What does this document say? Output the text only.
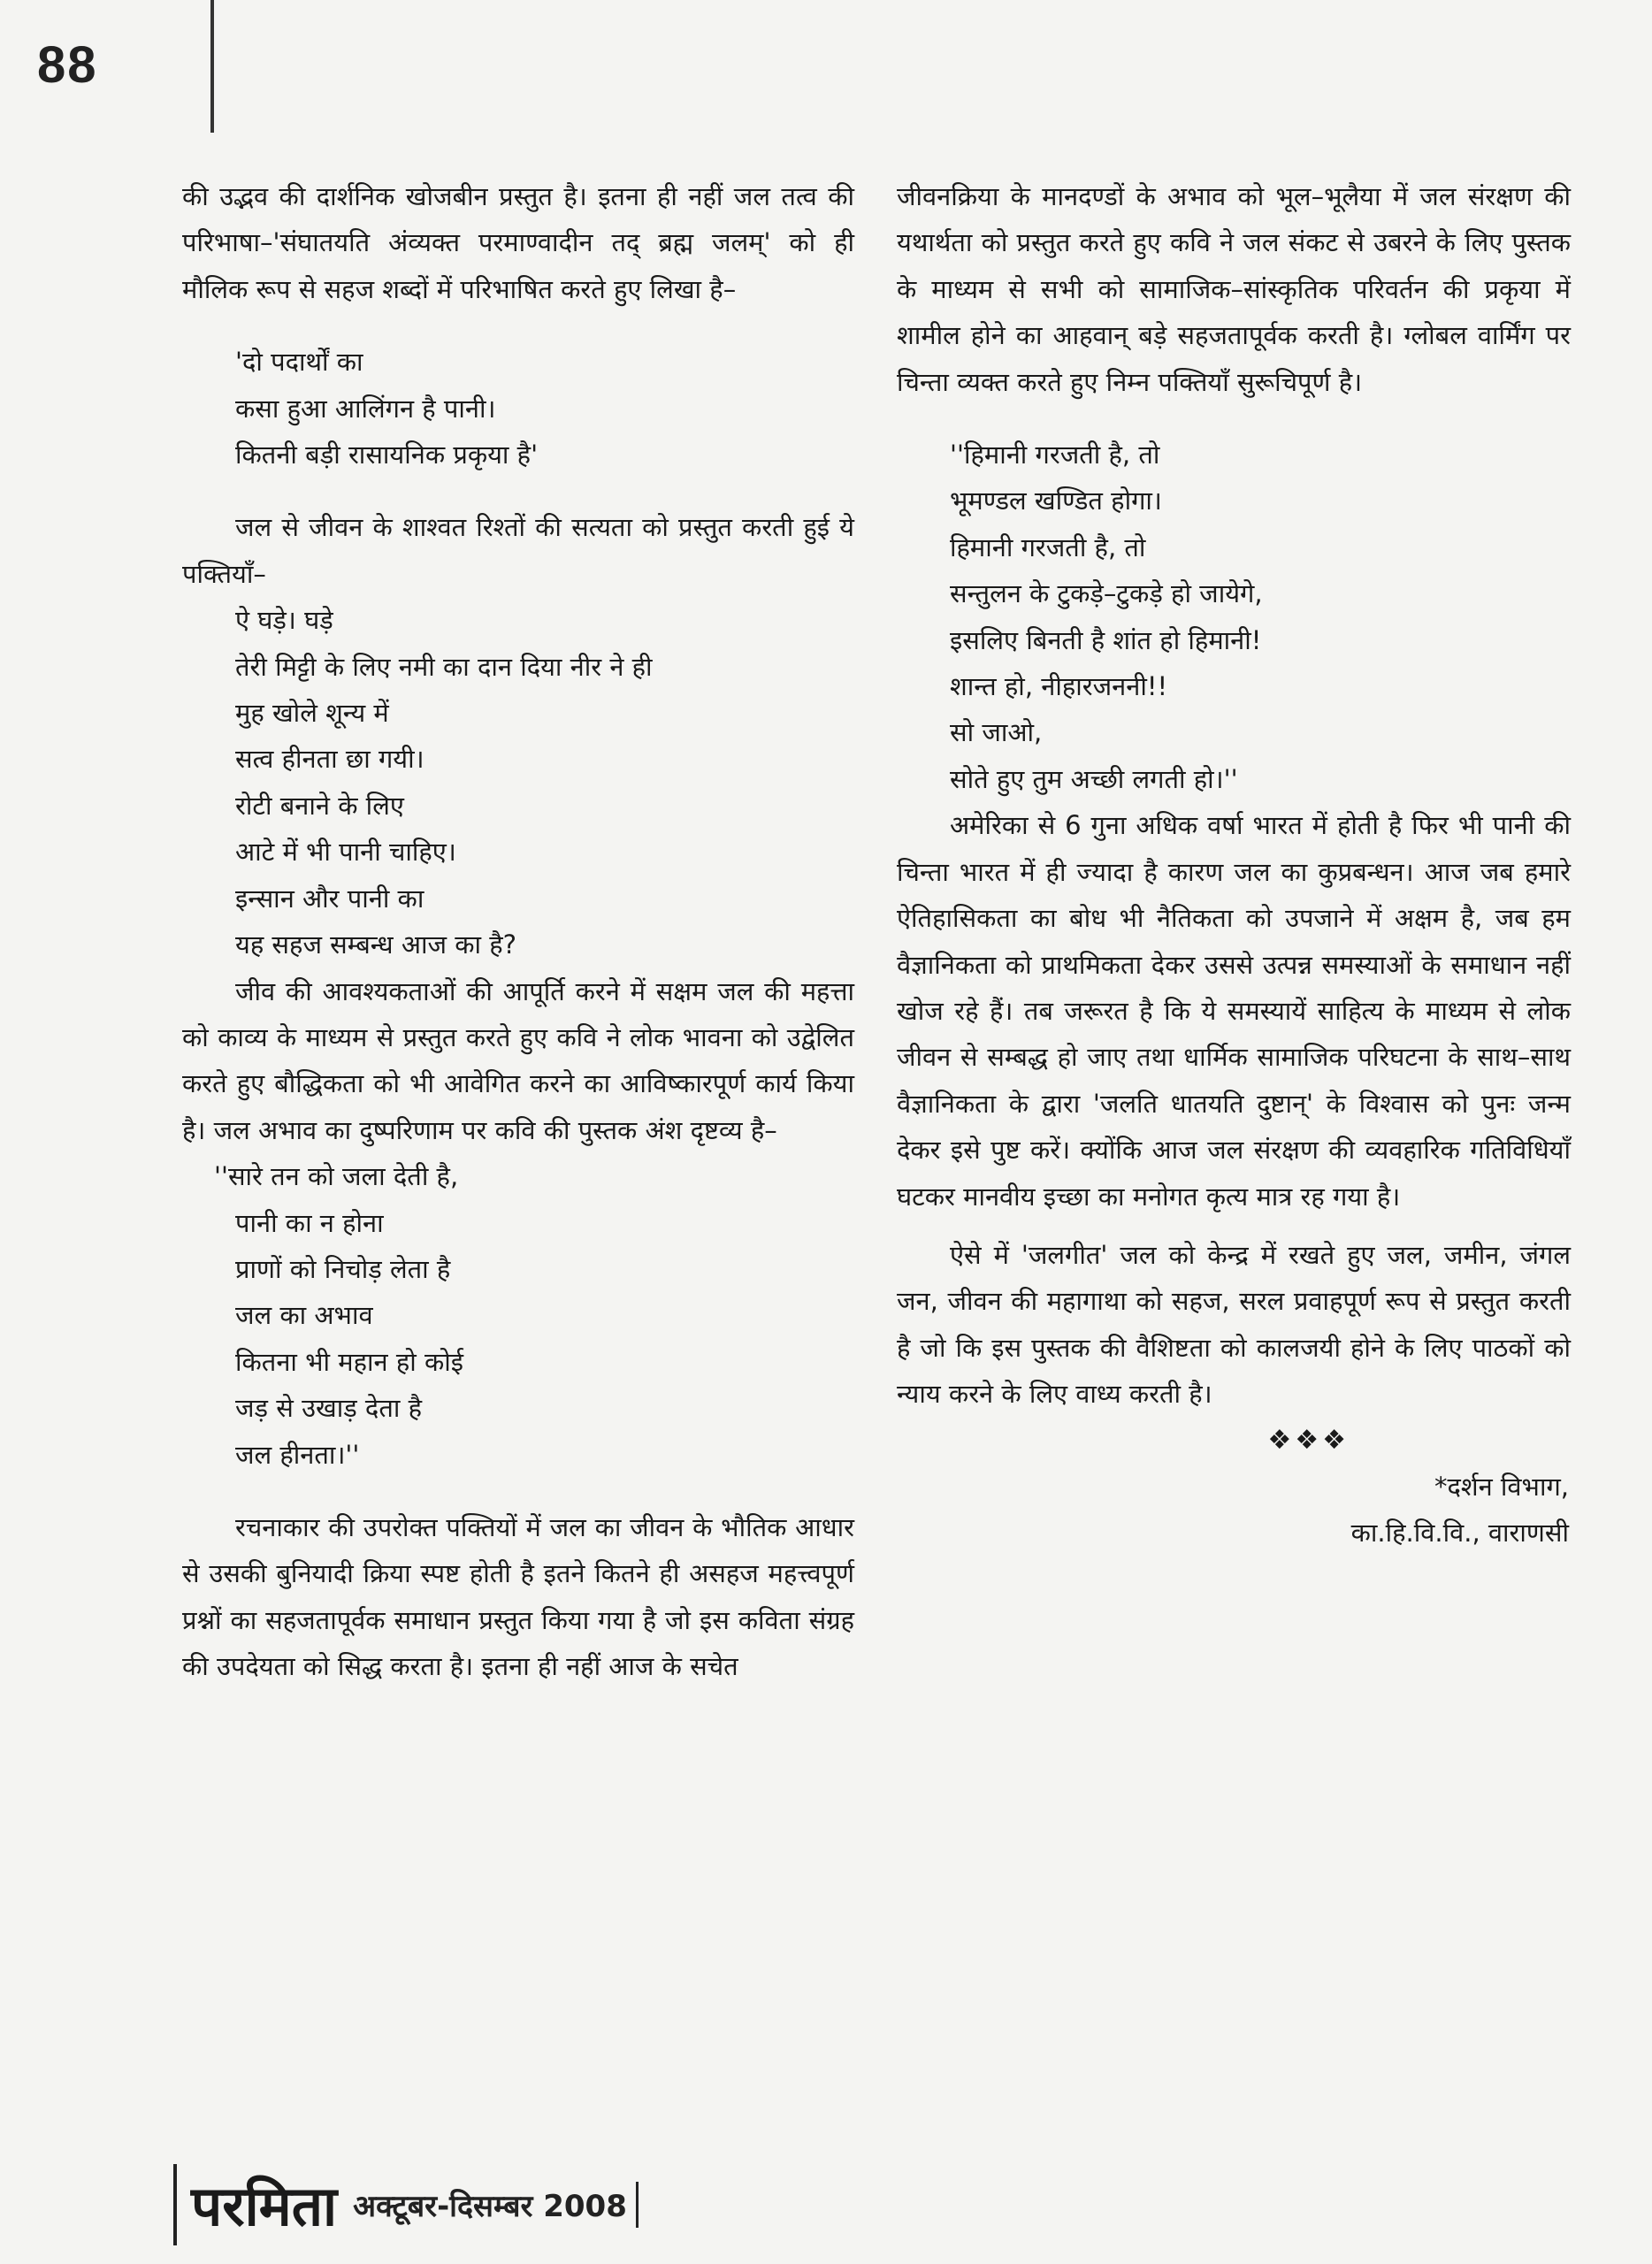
88

की उद्भव की दार्शनिक खोजबीन प्रस्तुत है। इतना ही नहीं जल तत्व की परिभाषा–'संघातयति अंव्यक्त परमाण्वादीन तद् ब्रह्म जलम्' को ही मौलिक रूप से सहज शब्दों में परिभाषित करते हुए लिखा है–

'दो पदार्थों का
कसा हुआ आलिंगन है पानी।
कितनी बड़ी रासायनिक प्रकृया है'

जल से जीवन के शाश्वत रिश्तों की सत्यता को प्रस्तुत करती हुई ये पक्तियाँ–

ऐ घड़े। घड़े
तेरी मिट्टी के लिए नमी का दान दिया नीर ने ही
मुह खोले शून्य में
सत्व हीनता छा गयी।
रोटी बनाने के लिए
आटे में भी पानी चाहिए।
इन्सान और पानी का
यह सहज सम्बन्ध आज का है?

जीव की आवश्यकताओं की आपूर्ति करने में सक्षम जल की महत्ता को काव्य के माध्यम से प्रस्तुत करते हुए कवि ने लोक भावना को उद्वेलित करते हुए बौद्धिकता को भी आवेगित करने का आविष्कारपूर्ण कार्य किया है। जल अभाव का दुष्परिणाम पर कवि की पुस्तक अंश दृष्टव्य है–

''सारे तन को जला देती है,
पानी का न होना
प्राणों को निचोड़ लेता है
जल का अभाव
कितना भी महान हो कोई
जड़ से उखाड़ देता है
जल हीनता।''

रचनाकार की उपरोक्त पक्तियों में जल का जीवन के भौतिक आधार से उसकी बुनियादी क्रिया स्पष्ट होती है इतने कितने ही असहज महत्त्वपूर्ण प्रश्नों का सहजतापूर्वक समाधान प्रस्तुत किया गया है जो इस कविता संग्रह की उपदेयता को सिद्ध करता है। इतना ही नहीं आज के सचेत

जीवनक्रिया के मानदण्डों के अभाव को भूल–भूलैया में जल संरक्षण की यथार्थता को प्रस्तुत करते हुए कवि ने जल संकट से उबरने के लिए पुस्तक के माध्यम से सभी को सामाजिक–सांस्कृतिक परिवर्तन की प्रकृया में शामील होने का आहवान् बड़े सहजतापूर्वक करती है। ग्लोबल वार्मिंग पर चिन्ता व्यक्त करते हुए निम्न पक्तियाँ सुरूचिपूर्ण है।

''हिमानी गरजती है, तो
भूमण्डल खण्डित होगा।
हिमानी गरजती है, तो
सन्तुलन के टुकड़े–टुकड़े हो जायेगे,
इसलिए बिनती है शांत हो हिमानी!
शान्त हो, नीहारजननी!!
सो जाओ,
सोते हुए तुम अच्छी लगती हो।''

अमेरिका से 6 गुना अधिक वर्षा भारत में होती है फिर भी पानी की चिन्ता भारत में ही ज्यादा है कारण जल का कुप्रबन्धन। आज जब हमारे ऐतिहासिकता का बोध भी नैतिकता को उपजाने में अक्षम है, जब हम वैज्ञानिकता को प्राथमिकता देकर उससे उत्पन्न समस्याओं के समाधान नहीं खोज रहे हैं। तब जरूरत है कि ये समस्यायें साहित्य के माध्यम से लोक जीवन से सम्बद्ध हो जाए तथा धार्मिक सामाजिक परिघटना के साथ–साथ वैज्ञानिकता के द्वारा 'जलति धातयति दुष्टान्' के विश्वास को पुनः जन्म देकर इसे पुष्ट करें। क्योंकि आज जल संरक्षण की व्यवहारिक गतिविधियाँ घटकर मानवीय इच्छा का मनोगत कृत्य मात्र रह गया है।

ऐसे में 'जलगीत' जल को केन्द्र में रखते हुए जल, जमीन, जंगल जन, जीवन की महागाथा को सहज, सरल प्रवाहपूर्ण रूप से प्रस्तुत करती है जो कि इस पुस्तक की वैशिष्टता को कालजयी होने के लिए पाठकों को न्याय करने के लिए वाध्य करती है।

❖❖❖
*दर्शन विभाग,
का.हि.वि.वि., वाराणसी
परमिता अक्टूबर-दिसम्बर 2008
